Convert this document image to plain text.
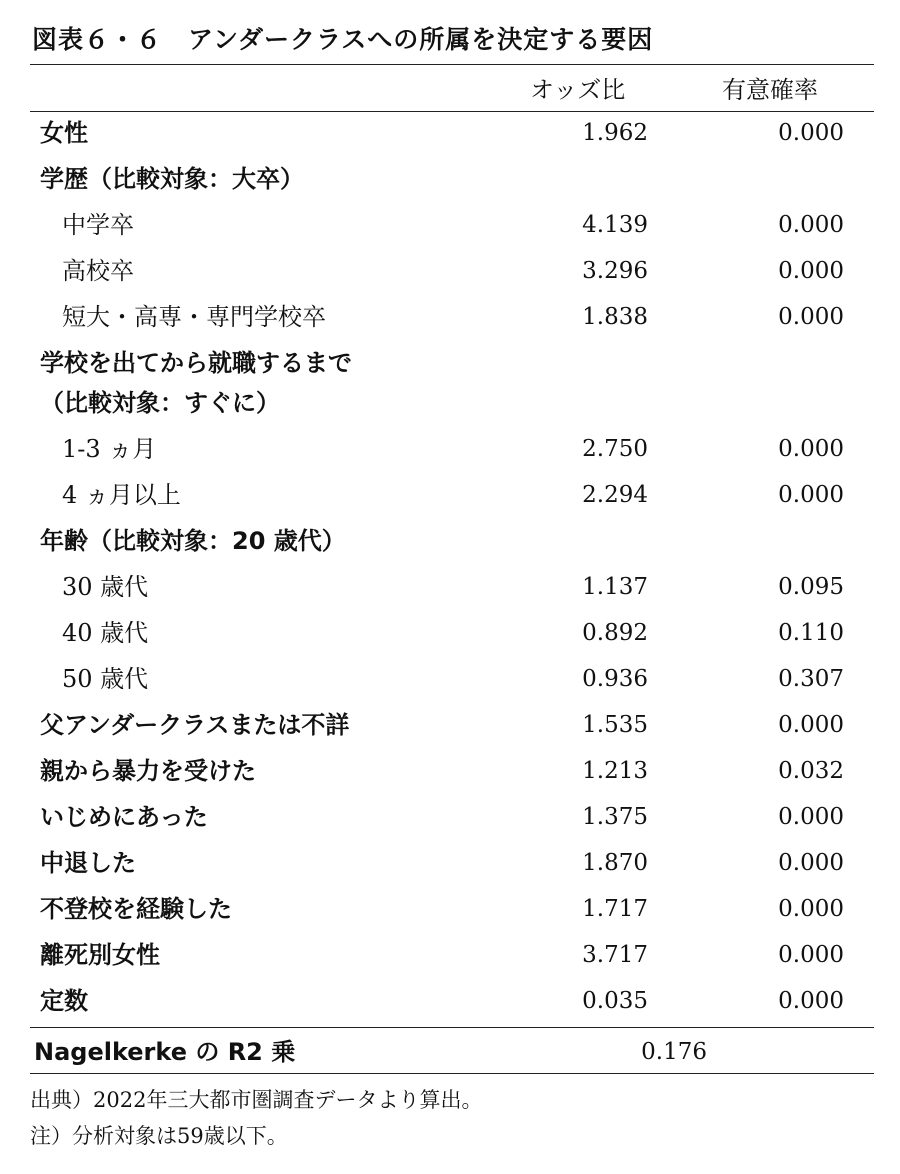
図表６・６　アンダークラスへの所属を決定する要因
オッズ比	有意確率
女性	1.962	0.000
学歴（比較対象：大卒）
中学卒	4.139	0.000
高校卒	3.296	0.000
短大・高専・専門学校卒	1.838	0.000
学校を出てから就職するまで
（比較対象：すぐに）
1-3 ヵ月	2.750	0.000
4 ヵ月以上	2.294	0.000
年齢（比較対象：20 歳代）
30 歳代	1.137	0.095
40 歳代	0.892	0.110
50 歳代	0.936	0.307
父アンダークラスまたは不詳	1.535	0.000
親から暴力を受けた	1.213	0.032
いじめにあった	1.375	0.000
中退した	1.870	0.000
不登校を経験した	1.717	0.000
離死別女性	3.717	0.000
定数	0.035	0.000
Nagelkerke の R2 乗	0.176
出典）2022年三大都市圏調査データより算出。
注）分析対象は59歳以下。
